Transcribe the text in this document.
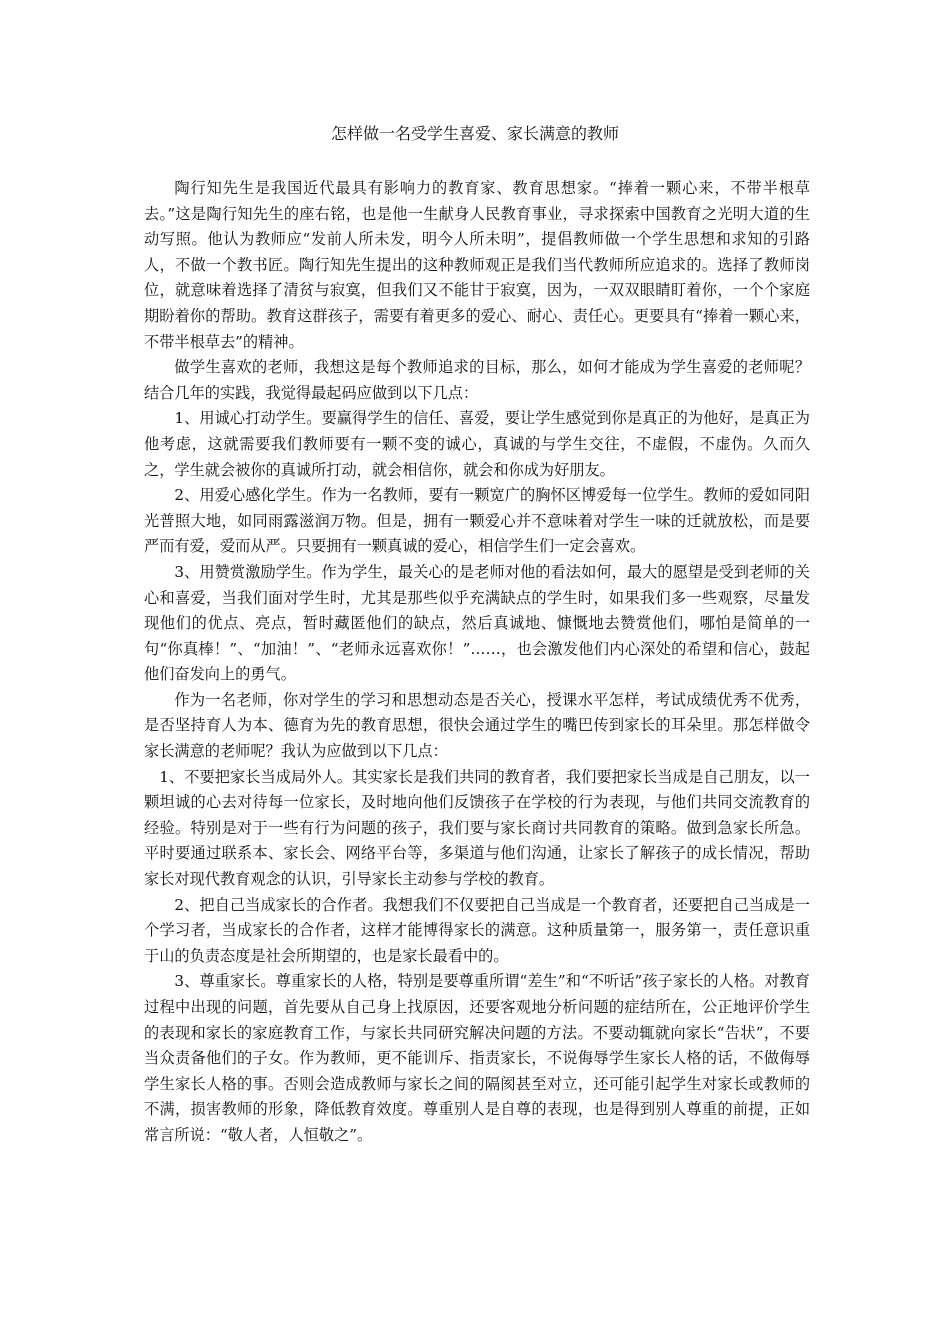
怎样做一名受学生喜爱、家长满意的教师

陶行知先生是我国近代最具有影响力的教育家、教育思想家。“捧着一颗心来，不带半根草去。”这是陶行知先生的座右铭，也是他一生献身人民教育事业，寻求探索中国教育之光明大道的生动写照。他认为教师应“发前人所未发，明今人所未明”，提倡教师做一个学生思想和求知的引路人，不做一个教书匠。陶行知先生提出的这种教师观正是我们当代教师所应追求的。选择了教师岗位，就意味着选择了清贫与寂寞，但我们又不能甘于寂寞，因为，一双双眼睛盯着你，一个个家庭期盼着你的帮助。教育这群孩子，需要有着更多的爱心、耐心、责任心。更要具有“捧着一颗心来，不带半根草去”的精神。

做学生喜欢的老师，我想这是每个教师追求的目标，那么，如何才能成为学生喜爱的老师呢？结合几年的实践，我觉得最起码应做到以下几点：

1、用诚心打动学生。要赢得学生的信任、喜爱，要让学生感觉到你是真正的为他好，是真正为他考虑，这就需要我们教师要有一颗不变的诚心，真诚的与学生交往，不虚假，不虚伪。久而久之，学生就会被你的真诚所打动，就会相信你，就会和你成为好朋友。

2、用爱心感化学生。作为一名教师，要有一颗宽广的胸怀区博爱每一位学生。教师的爱如同阳光普照大地，如同雨露滋润万物。但是，拥有一颗爱心并不意味着对学生一味的迁就放松，而是要严而有爱，爱而从严。只要拥有一颗真诚的爱心，相信学生们一定会喜欢。

3、用赞赏激励学生。作为学生，最关心的是老师对他的看法如何，最大的愿望是受到老师的关心和喜爱，当我们面对学生时，尤其是那些似乎充满缺点的学生时，如果我们多一些观察，尽量发现他们的优点、亮点，暂时藏匿他们的缺点，然后真诚地、慷慨地去赞赏他们，哪怕是简单的一句“你真棒！”、“加油！”、“老师永远喜欢你！”……，也会激发他们内心深处的希望和信心，鼓起他们奋发向上的勇气。

作为一名老师，你对学生的学习和思想动态是否关心，授课水平怎样，考试成绩优秀不优秀，是否坚持育人为本、德育为先的教育思想，很快会通过学生的嘴巴传到家长的耳朵里。那怎样做令家长满意的老师呢？我认为应做到以下几点：

1、不要把家长当成局外人。其实家长是我们共同的教育者，我们要把家长当成是自己朋友，以一颗坦诚的心去对待每一位家长，及时地向他们反馈孩子在学校的行为表现，与他们共同交流教育的经验。特别是对于一些有行为问题的孩子，我们要与家长商讨共同教育的策略。做到急家长所急。平时要通过联系本、家长会、网络平台等，多渠道与他们沟通，让家长了解孩子的成长情况，帮助家长对现代教育观念的认识，引导家长主动参与学校的教育。

2、把自己当成家长的合作者。我想我们不仅要把自己当成是一个教育者，还要把自己当成是一个学习者，当成家长的合作者，这样才能博得家长的满意。这种质量第一，服务第一，责任意识重于山的负责态度是社会所期望的，也是家长最看中的。

3、尊重家长。尊重家长的人格，特别是要尊重所谓“差生”和“不听话”孩子家长的人格。对教育过程中出现的问题，首先要从自己身上找原因，还要客观地分析问题的症结所在，公正地评价学生的表现和家长的家庭教育工作，与家长共同研究解决问题的方法。不要动辄就向家长“告状”，不要当众责备他们的子女。作为教师，更不能训斥、指责家长，不说侮辱学生家长人格的话，不做侮辱学生家长人格的事。否则会造成教师与家长之间的隔阂甚至对立，还可能引起学生对家长或教师的不满，损害教师的形象，降低教育效度。尊重别人是自尊的表现，也是得到别人尊重的前提，正如常言所说：“敬人者，人恒敬之”。
